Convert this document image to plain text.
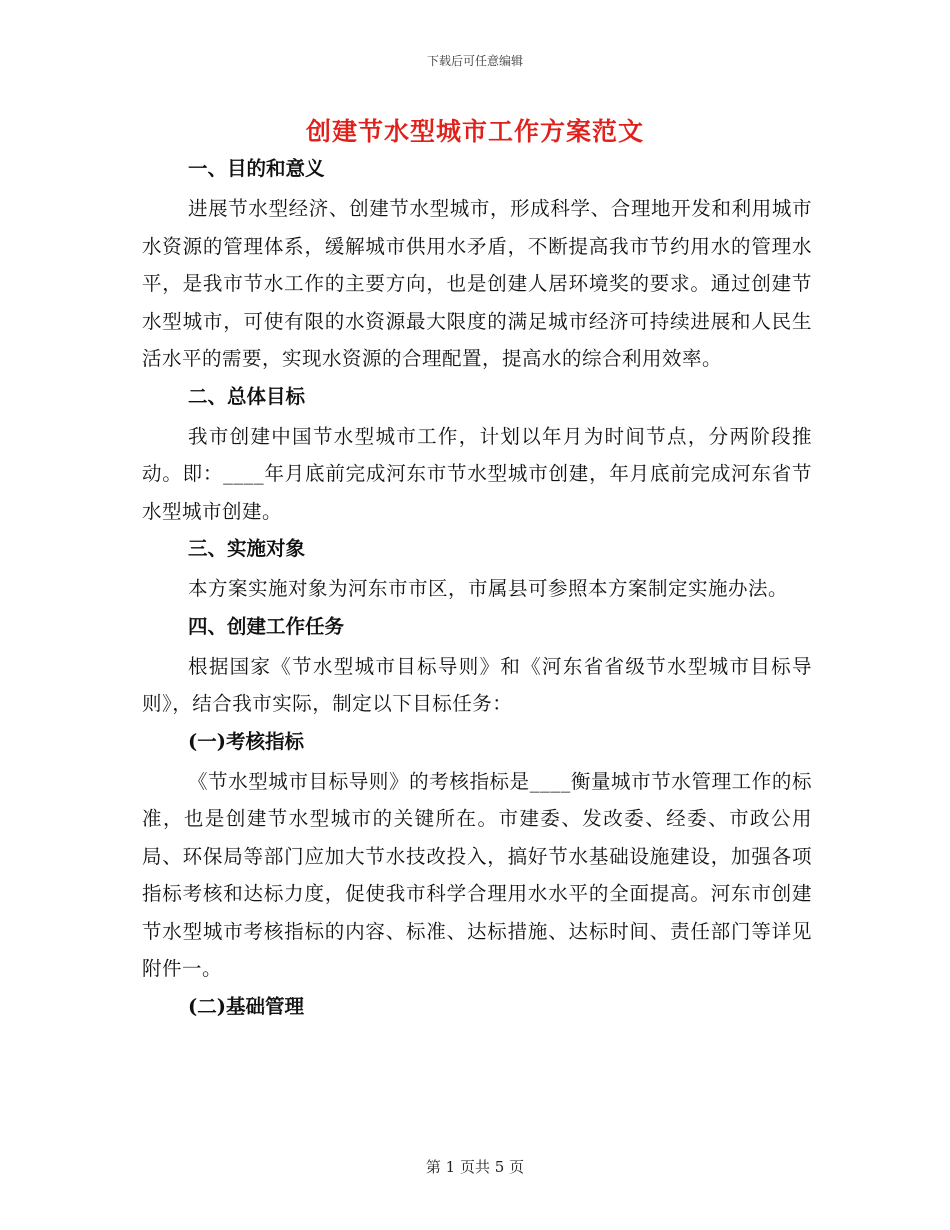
下载后可任意编辑
创建节水型城市工作方案范文
一、目的和意义

进展节水型经济、创建节水型城市，形成科学、合理地开发和利用城市水资源的管理体系，缓解城市供用水矛盾，不断提高我市节约用水的管理水平，是我市节水工作的主要方向，也是创建人居环境奖的要求。通过创建节水型城市，可使有限的水资源最大限度的满足城市经济可持续进展和人民生活水平的需要，实现水资源的合理配置，提高水的综合利用效率。

二、总体目标

我市创建中国节水型城市工作，计划以年月为时间节点，分两阶段推动。即：____年月底前完成河东市节水型城市创建，年月底前完成河东省节水型城市创建。

三、实施对象

本方案实施对象为河东市市区，市属县可参照本方案制定实施办法。

四、创建工作任务

根据国家《节水型城市目标导则》和《河东省省级节水型城市目标导则》，结合我市实际，制定以下目标任务：

(一)考核指标

《节水型城市目标导则》的考核指标是____衡量城市节水管理工作的标准，也是创建节水型城市的关键所在。市建委、发改委、经委、市政公用局、环保局等部门应加大节水技改投入，搞好节水基础设施建设，加强各项指标考核和达标力度，促使我市科学合理用水水平的全面提高。河东市创建节水型城市考核指标的内容、标准、达标措施、达标时间、责任部门等详见附件一。

(二)基础管理
第 1 页共 5 页
